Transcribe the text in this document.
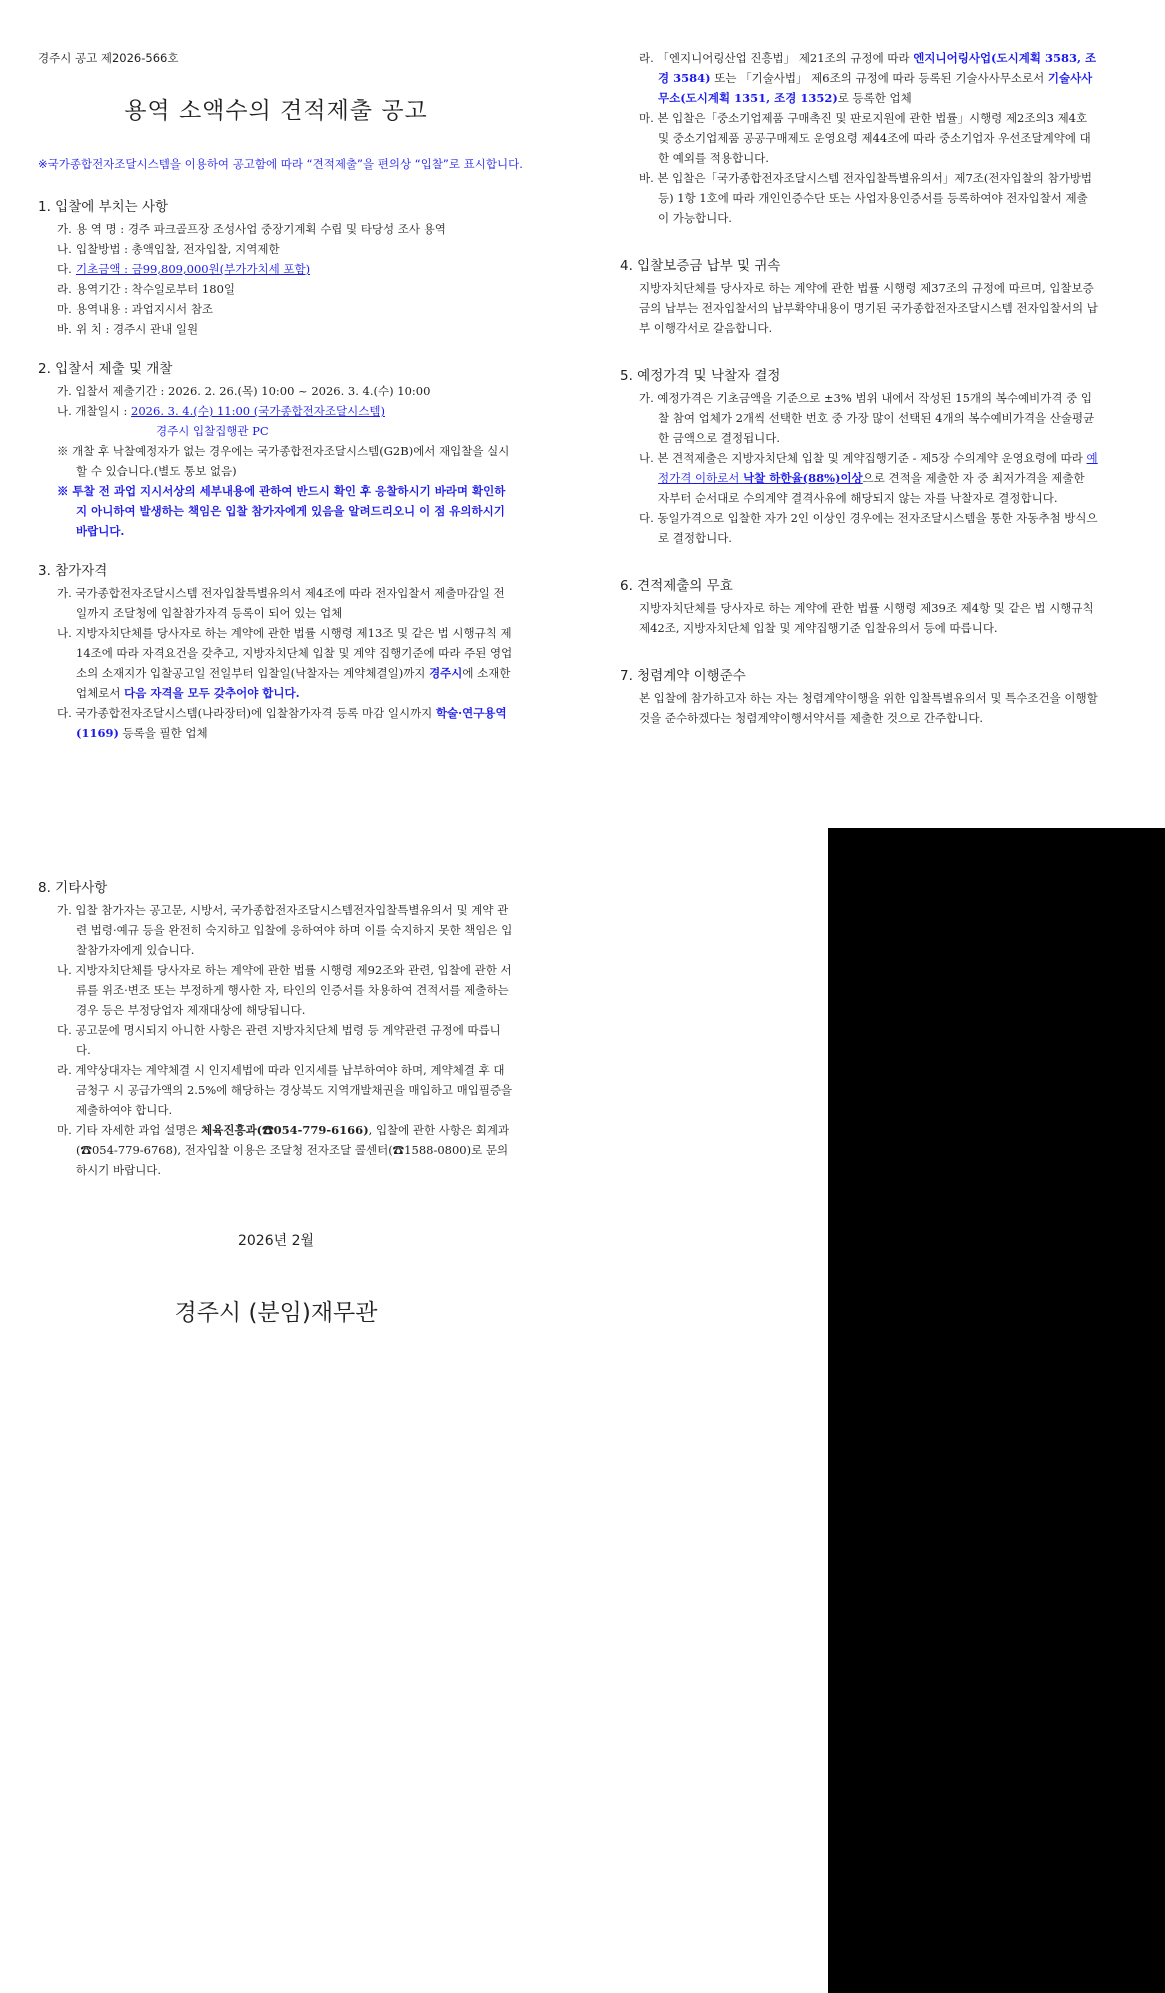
경주시 공고 제2026-566호
용역 소액수의 견적제출 공고
※국가종합전자조달시스템을 이용하여 공고함에 따라 “견적제출”을 편의상 “입찰”로 표시합니다.
1. 입찰에 부치는 사항
가. 용 역 명 : 경주 파크골프장 조성사업 중장기계획 수립 및 타당성 조사 용역
나. 입찰방법 : 총액입찰, 전자입찰, 지역제한
다. 기초금액 : 금99,809,000원(부가가치세 포함)
라. 용역기간 : 착수일로부터 180일
마. 용역내용 : 과업지시서 참조
바. 위 치 : 경주시 관내 일원
2. 입찰서 제출 및 개찰
가. 입찰서 제출기간 : 2026. 2. 26.(목) 10:00 ~ 2026. 3. 4.(수) 10:00
나. 개찰일시 : 2026. 3. 4.(수) 11:00 (국가종합전자조달시스템)
경주시 입찰집행관 PC
※ 개찰 후 낙찰예정자가 없는 경우에는 국가종합전자조달시스템(G2B)에서 재입찰을 실시할 수 있습니다.(별도 통보 없음)
※ 투찰 전 과업 지시서상의 세부내용에 관하여 반드시 확인 후 응찰하시기 바라며 확인하지 아니하여 발생하는 책임은 입찰 참가자에게 있음을 알려드리오니 이 점 유의하시기 바랍니다.
3. 참가자격
가. 국가종합전자조달시스템 전자입찰특별유의서 제4조에 따라 전자입찰서 제출마감일 전일까지 조달청에 입찰참가자격 등록이 되어 있는 업체
나. 지방자치단체를 당사자로 하는 계약에 관한 법률 시행령 제13조 및 같은 법 시행규칙 제14조에 따라 자격요건을 갖추고, 지방자치단체 입찰 및 계약 집행기준에 따라 주된 영업소의 소재지가 입찰공고일 전일부터 입찰일(낙찰자는 계약체결일)까지 경주시에 소재한 업체로서 다음 자격을 모두 갖추어야 합니다.
다. 국가종합전자조달시스템(나라장터)에 입찰참가자격 등록 마감 일시까지 학술·연구용역(1169) 등록을 필한 업체
라. 「엔지니어링산업 진흥법」 제21조의 규정에 따라 엔지니어링사업(도시계획 3583, 조경 3584) 또는 「기술사법」 제6조의 규정에 따라 등록된 기술사사무소로서 기술사사무소(도시계획 1351, 조경 1352)로 등록한 업체
마. 본 입찰은「중소기업제품 구매촉진 및 판로지원에 관한 법률」시행령 제2조의3 제4호 및 중소기업제품 공공구매제도 운영요령 제44조에 따라 중소기업자 우선조달계약에 대한 예외를 적용합니다.
바. 본 입찰은「국가종합전자조달시스템 전자입찰특별유의서」제7조(전자입찰의 참가방법 등) 1항 1호에 따라 개인인증수단 또는 사업자용인증서를 등록하여야 전자입찰서 제출이 가능합니다.
4. 입찰보증금 납부 및 귀속
지방자치단체를 당사자로 하는 계약에 관한 법률 시행령 제37조의 규정에 따르며, 입찰보증금의 납부는 전자입찰서의 납부확약내용이 명기된 국가종합전자조달시스템 전자입찰서의 납부 이행각서로 갈음합니다.
5. 예정가격 및 낙찰자 결정
가. 예정가격은 기초금액을 기준으로 ±3% 범위 내에서 작성된 15개의 복수예비가격 중 입찰 참여 업체가 2개씩 선택한 번호 중 가장 많이 선택된 4개의 복수예비가격을 산술평균한 금액으로 결정됩니다.
나. 본 견적제출은 지방자치단체 입찰 및 계약집행기준 - 제5장 수의계약 운영요령에 따라 예정가격 이하로서 낙찰 하한율(88%)이상으로 견적을 제출한 자 중 최저가격을 제출한 자부터 순서대로 수의계약 결격사유에 해당되지 않는 자를 낙찰자로 결정합니다.
다. 동일가격으로 입찰한 자가 2인 이상인 경우에는 전자조달시스템을 통한 자동추첨 방식으로 결정합니다.
6. 견적제출의 무효
지방자치단체를 당사자로 하는 계약에 관한 법률 시행령 제39조 제4항 및 같은 법 시행규칙 제42조, 지방자치단체 입찰 및 계약집행기준 입찰유의서 등에 따릅니다.
7. 청렴계약 이행준수
본 입찰에 참가하고자 하는 자는 청렴계약이행을 위한 입찰특별유의서 및 특수조건을 이행할 것을 준수하겠다는 청렴계약이행서약서를 제출한 것으로 간주합니다.
8. 기타사항
가. 입찰 참가자는 공고문, 시방서, 국가종합전자조달시스템전자입찰특별유의서 및 계약 관련 법령·예규 등을 완전히 숙지하고 입찰에 응하여야 하며 이를 숙지하지 못한 책임은 입찰참가자에게 있습니다.
나. 지방자치단체를 당사자로 하는 계약에 관한 법률 시행령 제92조와 관련, 입찰에 관한 서류를 위조·변조 또는 부정하게 행사한 자, 타인의 인증서를 차용하여 견적서를 제출하는 경우 등은 부정당업자 제재대상에 해당됩니다.
다. 공고문에 명시되지 아니한 사항은 관련 지방자치단체 법령 등 계약관련 규정에 따릅니다.
라. 계약상대자는 계약체결 시 인지세법에 따라 인지세를 납부하여야 하며, 계약체결 후 대금청구 시 공급가액의 2.5%에 해당하는 경상북도 지역개발채권을 매입하고 매입필증을 제출하여야 합니다.
마. 기타 자세한 과업 설명은 체육진흥과(☎054-779-6166), 입찰에 관한 사항은 회계과(☎054-779-6768), 전자입찰 이용은 조달청 전자조달 콜센터(☎1588-0800)로 문의하시기 바랍니다.
2026년 2월
경주시 (분임)재무관
